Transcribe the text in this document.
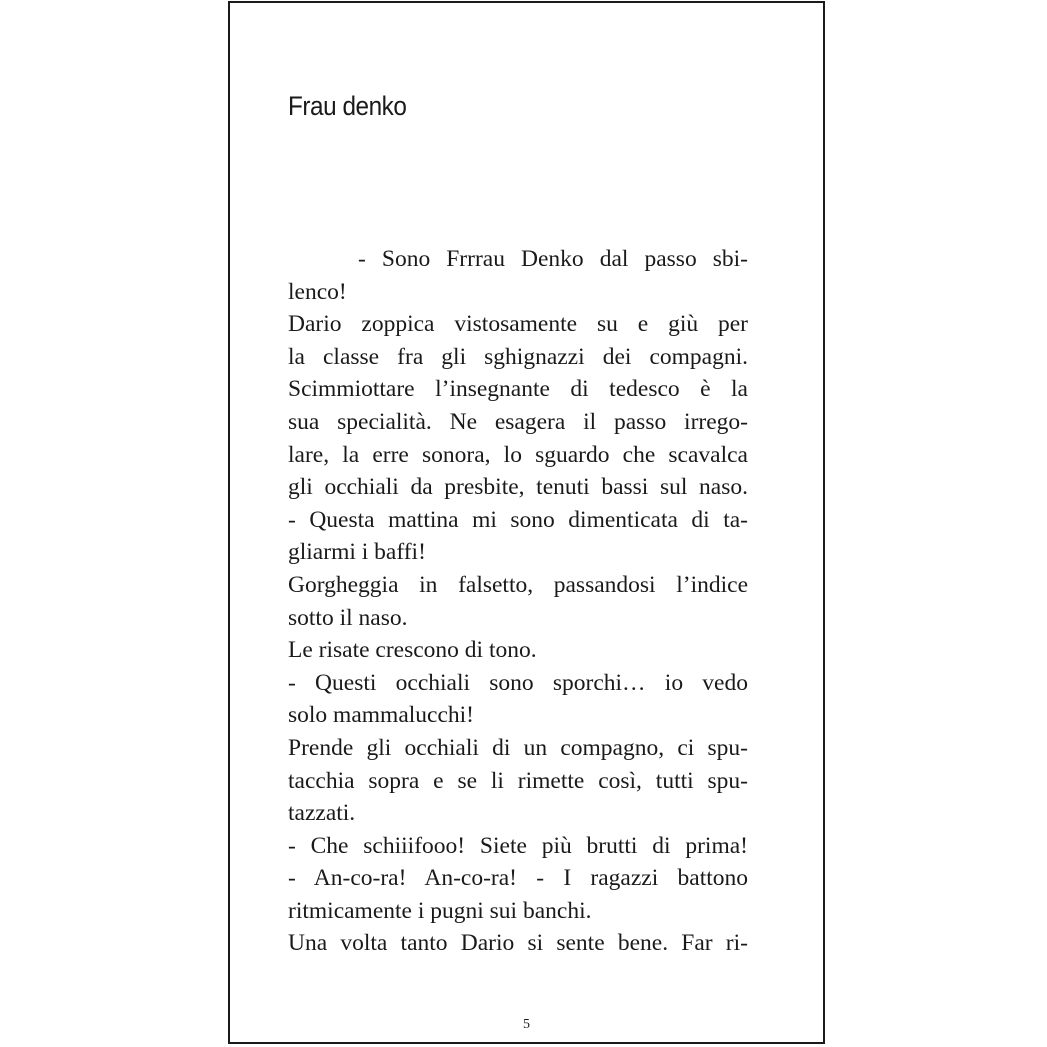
Frau denko
- Sono Frrrau Denko dal passo sbi-
lenco!
Dario zoppica vistosamente su e giù per
la classe fra gli sghignazzi dei compagni.
Scimmiottare l’insegnante di tedesco è la
sua specialità. Ne esagera il passo irrego-
lare, la erre sonora, lo sguardo che scavalca
gli occhiali da presbite, tenuti bassi sul naso.
- Questa mattina mi sono dimenticata di ta-
gliarmi i baffi!
Gorgheggia in falsetto, passandosi l’indice
sotto il naso.
Le risate crescono di tono.
- Questi occhiali sono sporchi… io vedo
solo mammalucchi!
Prende gli occhiali di un compagno, ci spu-
tacchia sopra e se li rimette così, tutti spu-
tazzati.
- Che schiiifooo! Siete più brutti di prima!
- An-co-ra! An-co-ra! - I ragazzi battono
ritmicamente i pugni sui banchi.
Una volta tanto Dario si sente bene. Far ri-
5
